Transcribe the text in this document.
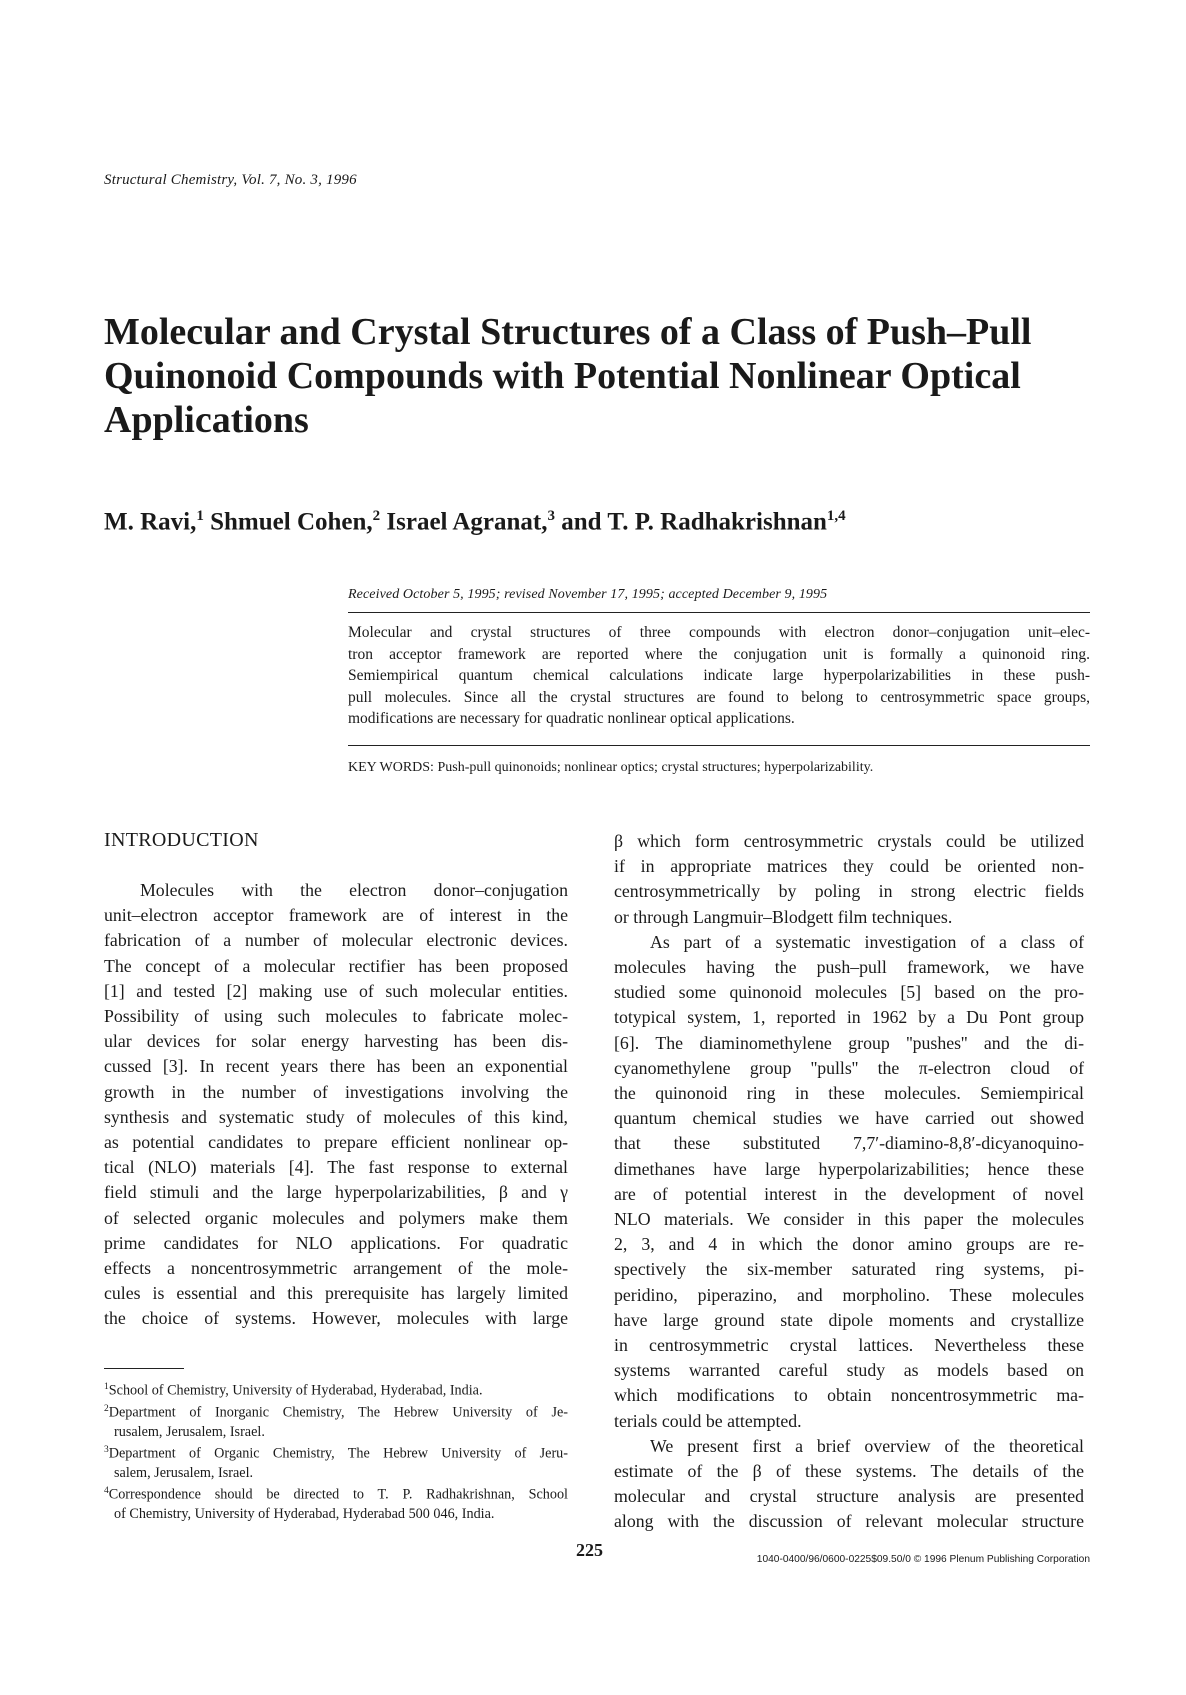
Structural Chemistry, Vol. 7, No. 3, 1996
Molecular and Crystal Structures of a Class of Push–Pull
Quinonoid Compounds with Potential Nonlinear Optical
Applications
M. Ravi,$^1$ Shmuel Cohen,$^2$ Israel Agranat,$^3$ and T. P. Radhakrishnan$^{1,4}$
Received October 5, 1995; revised November 17, 1995; accepted December 9, 1995
Molecular and crystal structures of three compounds with electron donor–conjugation unit–elec-
tron acceptor framework are reported where the conjugation unit is formally a quinonoid ring.
Semiempirical quantum chemical calculations indicate large hyperpolarizabilities in these push-
pull molecules. Since all the crystal structures are found to belong to centrosymmetric space groups,
modifications are necessary for quadratic nonlinear optical applications.
KEY WORDS: Push-pull quinonoids; nonlinear optics; crystal structures; hyperpolarizability.
INTRODUCTION
Molecules with the electron donor–conjugation
unit–electron acceptor framework are of interest in the
fabrication of a number of molecular electronic devices.
The concept of a molecular rectifier has been proposed
[1] and tested [2] making use of such molecular entities.
Possibility of using such molecules to fabricate molec-
ular devices for solar energy harvesting has been dis-
cussed [3]. In recent years there has been an exponential
growth in the number of investigations involving the
synthesis and systematic study of molecules of this kind,
as potential candidates to prepare efficient nonlinear op-
tical (NLO) materials [4]. The fast response to external
field stimuli and the large hyperpolarizabilities, β and γ
of selected organic molecules and polymers make them
prime candidates for NLO applications. For quadratic
effects a noncentrosymmetric arrangement of the mole-
cules is essential and this prerequisite has largely limited
the choice of systems. However, molecules with large
β which form centrosymmetric crystals could be utilized
if in appropriate matrices they could be oriented non-
centrosymmetrically by poling in strong electric fields
or through Langmuir–Blodgett film techniques.
As part of a systematic investigation of a class of
molecules having the push–pull framework, we have
studied some quinonoid molecules [5] based on the pro-
totypical system, 1, reported in 1962 by a Du Pont group
[6]. The diaminomethylene group ''pushes'' and the di-
cyanomethylene group ''pulls'' the π-electron cloud of
the quinonoid ring in these molecules. Semiempirical
quantum chemical studies we have carried out showed
that these substituted 7,7′-diamino-8,8′-dicyanoquino-
dimethanes have large hyperpolarizabilities; hence these
are of potential interest in the development of novel
NLO materials. We consider in this paper the molecules
2, 3, and 4 in which the donor amino groups are re-
spectively the six-member saturated ring systems, pi-
peridino, piperazino, and morpholino. These molecules
have large ground state dipole moments and crystallize
in centrosymmetric crystal lattices. Nevertheless these
systems warranted careful study as models based on
which modifications to obtain noncentrosymmetric ma-
terials could be attempted.
We present first a brief overview of the theoretical
estimate of the β of these systems. The details of the
molecular and crystal structure analysis are presented
along with the discussion of relevant molecular structure
$^1$School of Chemistry, University of Hyderabad, Hyderabad, India.
$^2$Department of Inorganic Chemistry, The Hebrew University of Je-
rusalem, Jerusalem, Israel.
$^3$Department of Organic Chemistry, The Hebrew University of Jeru-
salem, Jerusalem, Israel.
$^4$Correspondence should be directed to T. P. Radhakrishnan, School
of Chemistry, University of Hyderabad, Hyderabad 500 046, India.
225	1040-0400/96/0600-0225$09.50/0 © 1996 Plenum Publishing Corporation
